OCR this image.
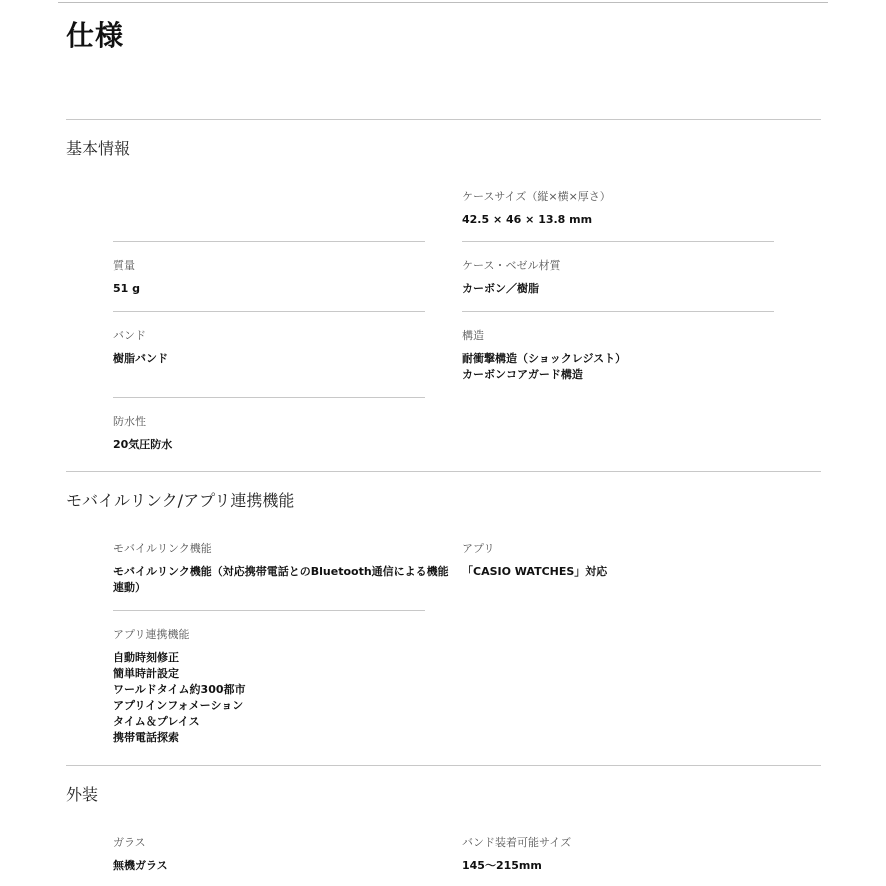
仕様
基本情報
ケースサイズ（縦×横×厚さ）
42.5 × 46 × 13.8 mm
質量
51 g
ケース・ベゼル材質
カーボン／樹脂
バンド
樹脂バンド
構造
耐衝撃構造（ショックレジスト）
カーボンコアガード構造
防水性
20気圧防水
モバイルリンク/アプリ連携機能
モバイルリンク機能
モバイルリンク機能（対応携帯電話とのBluetooth通信による機能
連動）
アプリ
「CASIO WATCHES」対応
アプリ連携機能
自動時刻修正
簡単時計設定
ワールドタイム約300都市
アプリインフォメーション
タイム＆プレイス
携帯電話探索
外装
ガラス
無機ガラス
バンド装着可能サイズ
145〜215mm
